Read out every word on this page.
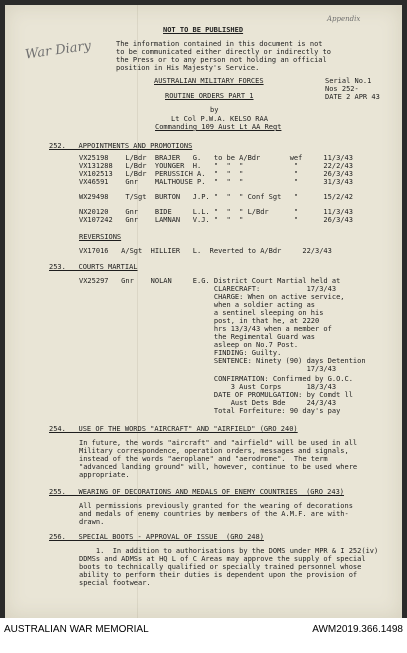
Appendix
NOT TO BE PUBLISHED
War Diary	The information contained in this document is not
to be communicated either directly or indirectly to
the Press or to any person not holding an official
position in His Majesty's Service.
AUSTRALIAN MILITARY FORCES	Serial No.1
Nos 252-
DATE 2 APR 43
ROUTINE ORDERS PART 1
by
Lt Col P.W.A. KELSO RAA
Commanding 109 Aust Lt AA Regt
252.   APPOINTMENTS AND PROMOTIONS
VX25198    L/Bdr  BRAJER   G.   to be A/Bdr       wef     11/3/43
VX131288   L/Bdr  YOUNGER  H.   "  "  "            "      22/2/43
VX102513   L/Bdr  PERUSSICH A.  "  "  "            "      26/3/43
VX46591    Gnr    MALTHOUSE P.  "  "  "            "      31/3/43
WX29498    T/Sgt  BURTON   J.P. "  "  " Conf Sgt   "      15/2/42
NX20120    Gnr    BIDE     L.L. "  "  " L/Bdr      "      11/3/43
VX107242   Gnr    LAMNAN   V.J. "  "  "            "      26/3/43
REVERSIONS
VX17016   A/Sgt  HILLIER   L.  Reverted to A/Bdr     22/3/43
253.   COURTS MARTIAL
VX25297   Gnr    NOLAN     E.G. District Court Martial held at
CLARECRAFT:           17/3/43
CHARGE: When on active service,
when a soldier acting as
a sentinel sleeping on his
post, in that he, at 2220
hrs 13/3/43 when a member of
the Regimental Guard was
asleep on No.7 Post.
FINDING: Guilty.
SENTENCE: Ninety (90) days Detention
17/3/43
CONFIRMATION: Confirmed by G.O.C.
3 Aust Corps      18/3/43
DATE OF PROMULGATION: by Comdt ll
Aust Dets Bde     24/3/43
Total Forfeiture: 90 day's pay
254.   USE OF THE WORDS "AIRCRAFT" AND "AIRFIELD" (GRO 240)
In future, the words "aircraft" and "airfield" will be used in all
Military correspondence, operation orders, messages and signals,
instead of the words "aeroplane" and "aerodrome".  The term
"advanced landing ground" will, however, continue to be used where
appropriate.
255.   WEARING OF DECORATIONS AND MEDALS OF ENEMY COUNTRIES  (GRO 243)
All permissions previously granted for the wearing of decorations
and medals of enemy countries by members of the A.M.F. are with-
drawn.
256.   SPECIAL BOOTS - APPROVAL OF ISSUE  (GRO 248)
1.  In addition to authorisations by the DOMS under MPR & I 252(iv)
DDMSs and ADMSs at HQ L of C Areas may approve the supply of special
boots to technically qualified or specially trained personnel whose
ability to perform their duties is dependent upon the provision of
special footwear.
AUSTRALIAN WAR MEMORIAL	AWM2019.366.1498
